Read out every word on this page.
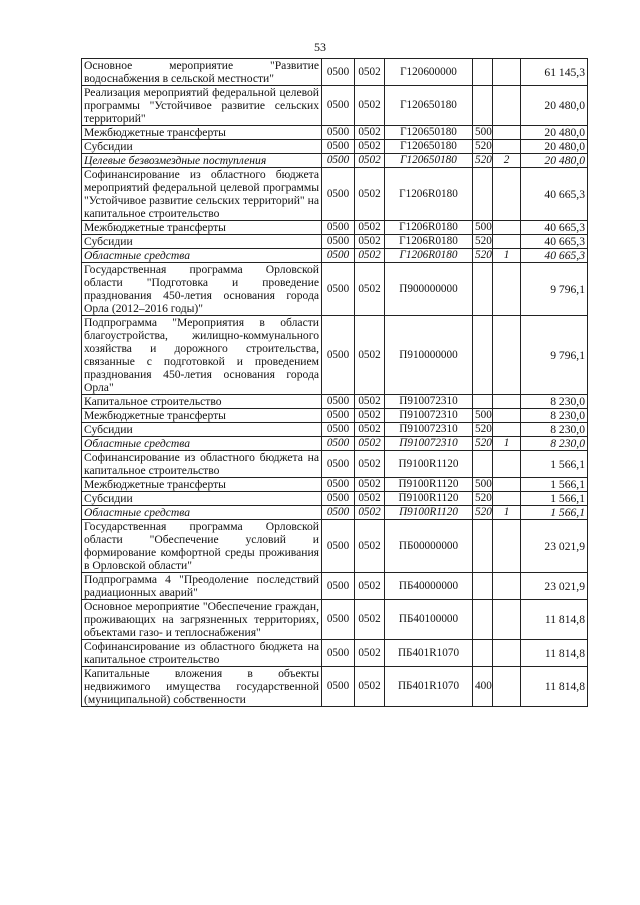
53
Основное мероприятие "Развитие водоснабжения в сельской местности"	0500	0502	Г120600000			61 145,3
Реализация мероприятий федеральной целевой программы "Устойчивое развитие сельских территорий"	0500	0502	Г120650180			20 480,0
Межбюджетные трансферты	0500	0502	Г120650180	500		20 480,0
Субсидии	0500	0502	Г120650180	520		20 480,0
Целевые безвозмездные поступления	0500	0502	Г120650180	520	2	20 480,0
Софинансирование из областного бюджета мероприятий федеральной целевой программы "Устойчивое развитие сельских территорий" на капитальное строительство	0500	0502	Г1206R0180			40 665,3
Межбюджетные трансферты	0500	0502	Г1206R0180	500		40 665,3
Субсидии	0500	0502	Г1206R0180	520		40 665,3
Областные средства	0500	0502	Г1206R0180	520	1	40 665,3
Государственная программа Орловской области "Подготовка и проведение празднования 450-летия основания города Орла (2012–2016 годы)"	0500	0502	П900000000			9 796,1
Подпрограмма "Мероприятия в области благоустройства, жилищно-коммунального хозяйства и дорожного строительства, связанные с подготовкой и проведением празднования 450-летия основания города Орла"	0500	0502	П910000000			9 796,1
Капитальное строительство	0500	0502	П910072310			8 230,0
Межбюджетные трансферты	0500	0502	П910072310	500		8 230,0
Субсидии	0500	0502	П910072310	520		8 230,0
Областные средства	0500	0502	П910072310	520	1	8 230,0
Софинансирование из областного бюджета на капитальное строительство	0500	0502	П9100R1120			1 566,1
Межбюджетные трансферты	0500	0502	П9100R1120	500		1 566,1
Субсидии	0500	0502	П9100R1120	520		1 566,1
Областные средства	0500	0502	П9100R1120	520	1	1 566,1
Государственная программа Орловской области "Обеспечение условий и формирование комфортной среды проживания в Орловской области"	0500	0502	ПБ00000000			23 021,9
Подпрограмма 4 "Преодоление последствий радиационных аварий"	0500	0502	ПБ40000000			23 021,9
Основное мероприятие "Обеспечение граждан, проживающих на загрязненных территориях, объектами газо- и теплоснабжения"	0500	0502	ПБ40100000			11 814,8
Софинансирование из областного бюджета на капитальное строительство	0500	0502	ПБ401R1070			11 814,8
Капитальные вложения в объекты недвижимого имущества государственной (муниципальной) собственности	0500	0502	ПБ401R1070	400		11 814,8
